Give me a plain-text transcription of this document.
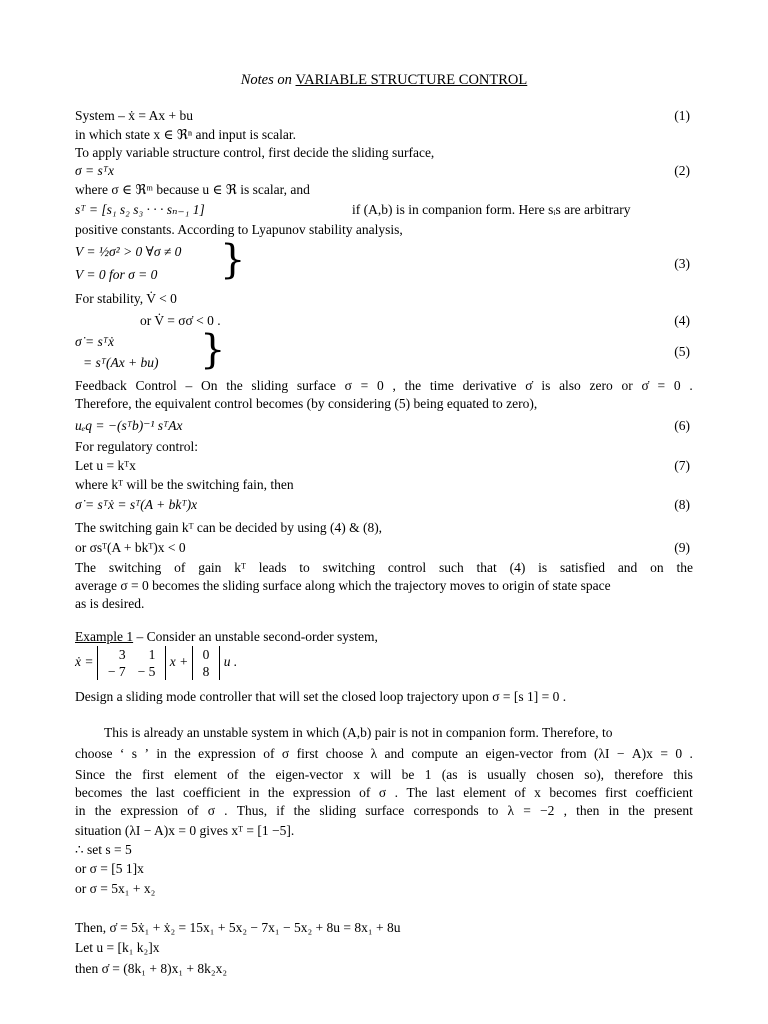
Notes on VARIABLE STRUCTURE CONTROL
System – ẋ = Ax + bu	(1)
in which state x ∈ ℜⁿ and input is scalar.
To apply variable structure control, first decide the sliding surface,
σ = sᵀx	(2)
where σ ∈ ℜᵐ because u ∈ ℜ is scalar, and
sᵀ = [s₁ s₂ s₃ · · · sₙ₋₁ 1]	if (A,b) is in companion form. Here sᵢs are arbitrary
positive constants. According to Lyapunov stability analysis,
V = ½σ² > 0 ∀σ ≠ 0
V = 0 for σ = 0 }	(3)
For stability, V̇ < 0
or V̇ = σσ̇ < 0 .	(4)
σ̇ = sᵀẋ
= sᵀ(Ax + bu) }	(5)
Feedback Control – On the sliding surface σ = 0 , the time derivative σ̇ is also zero or σ̇ = 0 .
Therefore, the equivalent control becomes (by considering (5) being equated to zero),
uₑq = −(sᵀb)⁻¹ sᵀAx	(6)
For regulatory control:
Let u = kᵀx	(7)
where kᵀ will be the switching fain, then
σ̇ = sᵀẋ = sᵀ(A + bkᵀ)x	(8)
The switching gain kᵀ can be decided by using (4) & (8),
or σsᵀ(A + bkᵀ)x < 0	(9)
The switching of gain kᵀ leads to switching control such that (4) is satisfied and on the
average σ = 0 becomes the sliding surface along which the trajectory moves to origin of state space
as is desired.
Example 1 – Consider an unstable second-order system,
ẋ = 3	1
− 7	− 5
x + 0
8
u .
Design a sliding mode controller that will set the closed loop trajectory upon σ = [s 1] = 0 .
This is already an unstable system in which (A,b) pair is not in companion form. Therefore, to
choose ‘ s ’ in the expression of σ first choose λ and compute an eigen-vector from (λI − A)x = 0 .
Since the first element of the eigen-vector x will be 1 (as is usually chosen so), therefore this
becomes the last coefficient in the expression of σ . The last element of x becomes first coefficient
in the expression of σ . Thus, if the sliding surface corresponds to λ = −2 , then in the present
situation (λI − A)x = 0 gives xᵀ = [1 −5].
∴ set s = 5
or σ = [5 1]x
or σ = 5x₁ + x₂
Then, σ̇ = 5ẋ₁ + ẋ₂ = 15x₁ + 5x₂ − 7x₁ − 5x₂ + 8u = 8x₁ + 8u
Let u = [k₁ k₂]x
then σ̇ = (8k₁ + 8)x₁ + 8k₂x₂
